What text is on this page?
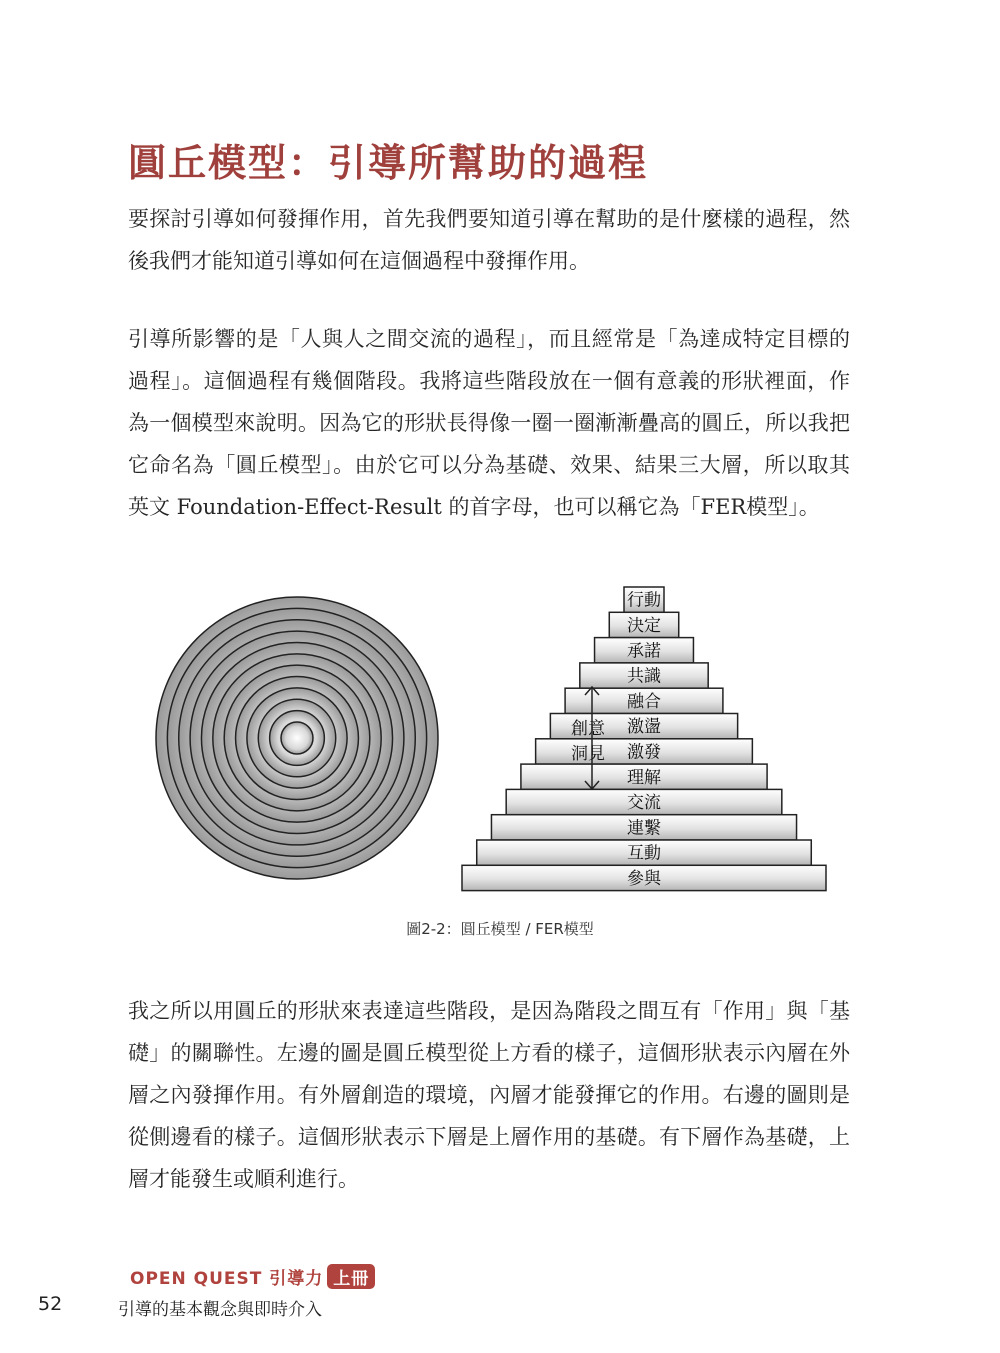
圓丘模型：引導所幫助的過程

要探討引導如何發揮作用，首先我們要知道引導在幫助的是什麼樣的過程，然後我們才能知道引導如何在這個過程中發揮作用。

引導所影響的是「人與人之間交流的過程」，而且經常是「為達成特定目標的過程」。這個過程有幾個階段。我將這些階段放在一個有意義的形狀裡面，作為一個模型來說明。因為它的形狀長得像一圈一圈漸漸疊高的圓丘，所以我把它命名為「圓丘模型」。由於它可以分為基礎、效果、結果三大層，所以取其英文 Foundation-Effect-Result 的首字母，也可以稱它為「FER模型」。

行動
決定
承諾
共識
融合
激盪
激發
理解
交流
連繫
互動
參與
創意
洞見
圖2-2：圓丘模型 / FER模型

我之所以用圓丘的形狀來表達這些階段，是因為階段之間互有「作用」與「基礎」的關聯性。左邊的圖是圓丘模型從上方看的樣子，這個形狀表示內層在外層之內發揮作用。有外層創造的環境，內層才能發揮它的作用。右邊的圖則是從側邊看的樣子。這個形狀表示下層是上層作用的基礎。有下層作為基礎，上層才能發生或順利進行。

OPEN QUEST 引導力 上冊
52	引導的基本觀念與即時介入
